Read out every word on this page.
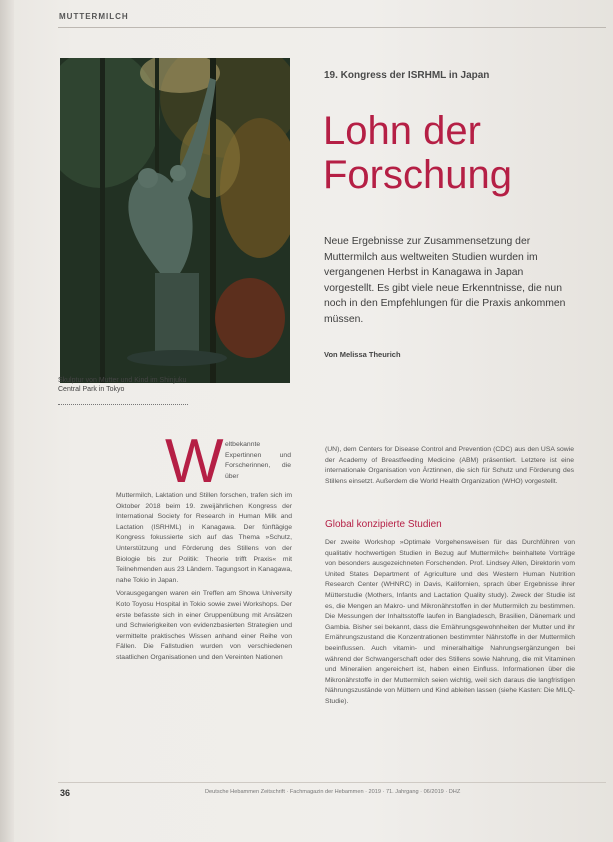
MUTTERMILCH
Skulptur von Mutter und Kind im Shinjuku Central Park in Tokyo
19. Kongress der ISRHML in Japan
Lohn der
Forschung
Neue Ergebnisse zur Zusammensetzung der Muttermilch aus weltweiten Studien wurden im vergangenen Herbst in Kanagawa in Japan vorgestellt. Es gibt viele neue Erkenntnisse, die nun noch in den Empfehlungen für die Praxis ankommen müssen.
Von Melissa Theurich
W eltbekannte Expertinnen und Forscherinnen, die über

Muttermilch, Laktation und Stillen forschen, trafen sich im Oktober 2018 beim 19. zweijährlichen Kongress der International Society for Research in Human Milk and Lactation (ISRHML) in Kanagawa. Der fünftägige Kongress fokussierte sich auf das Thema »Schutz, Unterstützung und Förderung des Stillens von der Biologie bis zur Politik: Theorie trifft Praxis« mit Teilnehmenden aus 23 Ländern. Tagungsort in Kanagawa, nahe Tokio in Japan.

Vorausgegangen waren ein Treffen am Showa University Koto Toyosu Hospital in Tokio sowie zwei Workshops. Der erste befasste sich in einer Gruppenübung mit Ansätzen und Schwierigkeiten von evidenzbasierten Strategien und vermittelte praktisches Wissen anhand einer Reihe von Fällen. Die Fallstudien wurden von verschiedenen staatlichen Organisationen und den Vereinten Nationen

(UN), dem Centers for Disease Control and Prevention (CDC) aus den USA sowie der Academy of Breastfeeding Medicine (ABM) präsentiert. Letztere ist eine internationale Organisation von Ärztinnen, die sich für Schutz und Förderung des Stillens einsetzt. Außerdem die World Health Organization (WHO) vorgestellt.
Global konzipierte Studien
Der zweite Workshop »Optimale Vorgehensweisen für das Durchführen von qualitativ hochwertigen Studien in Bezug auf Muttermilch« beinhaltete Vorträge von besonders ausgezeichneten Forschenden. Prof. Lindsey Allen, Direktorin vom United States Department of Agriculture und des Western Human Nutrition Research Center (WHNRC) in Davis, Kalifornien, sprach über Ergebnisse ihrer Mütterstudie (Mothers, Infants and Lactation Quality study). Zweck der Studie ist es, die Mengen an Makro- und Mikronährstoffen in der Muttermilch zu bestimmen. Die Messungen der Inhaltsstoffe laufen in Bangladesch, Brasilien, Dänemark und Gambia. Bisher sei bekannt, dass die Ernährungsgewohnheiten der Mutter und ihr Ernährungszustand die Konzentrationen bestimmter Nährstoffe in der Muttermilch beeinflussen. Auch vitamin- und mineralhaltige Nahrungsergänzungen bei während der Schwangerschaft oder des Stillens sowie Nahrung, die mit Vitaminen und Mineralien angereichert ist, haben einen Einfluss. Informationen über die Mikronährstoffe in der Muttermilch seien wichtig, weil sich daraus die langfristigen Nährungszustände von Müttern und Kind ableiten lassen (siehe Kasten: Die MILQ-Studie).
36	Deutsche Hebammen Zeitschrift · Fachmagazin der Hebammen · 2019 · 71. Jahrgang · 06/2019 · DHZ
